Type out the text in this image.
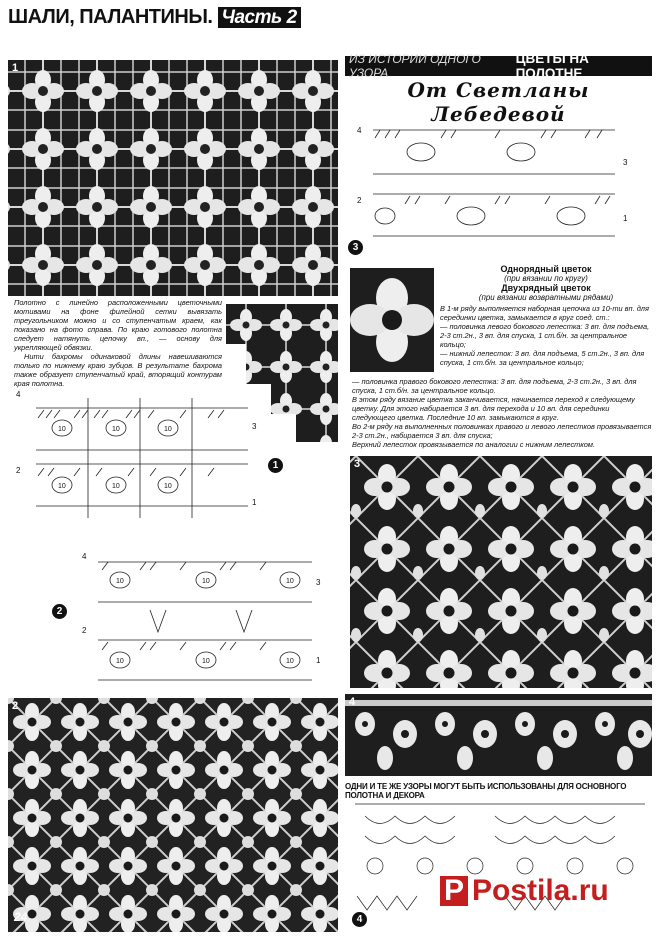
ШАЛИ, ПАЛАНТИНЫ. Часть 2
1
Полотно с линейно расположенными цветочными мотивами на фоне филейной сетки вывязать треугольником можно и со ступенчатым краем, как показано на фото справа. По краю готового полотна следует натянуть цепочку вп., — основу для укрепляющей обвязки.
Нити бахромы одинаковой длины навешиваются только по нижнему краю зубцов. В результате бахрома также образует ступенчатый край, вторящий контурам края полотна.
10	10	10
10	10	10
4
3
2
1
1
10	10	10
10	10	10
4
3
2
1
2
2
24
ИЗ ИСТОРИИ ОДНОГО УЗОРА
ЦВЕТЫ НА ПОЛОТНЕ
От Светланы Лебедевой
4
3
2
1
3
Однорядный цветок
(при вязании по кругу)
Двухрядный цветок
(при вязании возвратными рядами)
В 1-м ряду выполняется наборная цепочка из 10-ти вп. для серединки цветка, замыкается в круг соед. ст.:
— половинка левого бокового лепестка: 3 вп. для подъема, 2-3 ст.2н., 3 вп. для спуска, 1 ст.б/н. за центральное кольцо;
— нижний лепесток: 3 вп. для подъема, 5 ст.2н., 3 вп. для спуска, 1 ст.б/н. за центральное кольцо;
— половинка правого бокового лепестка: 3 вп. для подъема, 2-3 ст.2н., 3 вп. для спуска, 1 ст.б/н. за центральное кольцо.
В этом ряду вязание цветка заканчивается, начинается переход к следующему цветку. Для этого набирается 3 вп. для перехода и 10 вп. для серединки следующего цветка. Последние 10 вп. замыкаются в круг.
Во 2-м ряду на выполненных половинках правого и левого лепестков провязывается 2-3 ст.2н., набирается 3 вп. для спуска;
Верхний лепесток провязывается по аналогии с нижним лепестком.
3
4
ОДНИ И ТЕ ЖЕ УЗОРЫ МОГУТ БЫТЬ ИСПОЛЬЗОВАНЫ ДЛЯ ОСНОВНОГО ПОЛОТНА И ДЕКОРА
4
P Postila.ru
